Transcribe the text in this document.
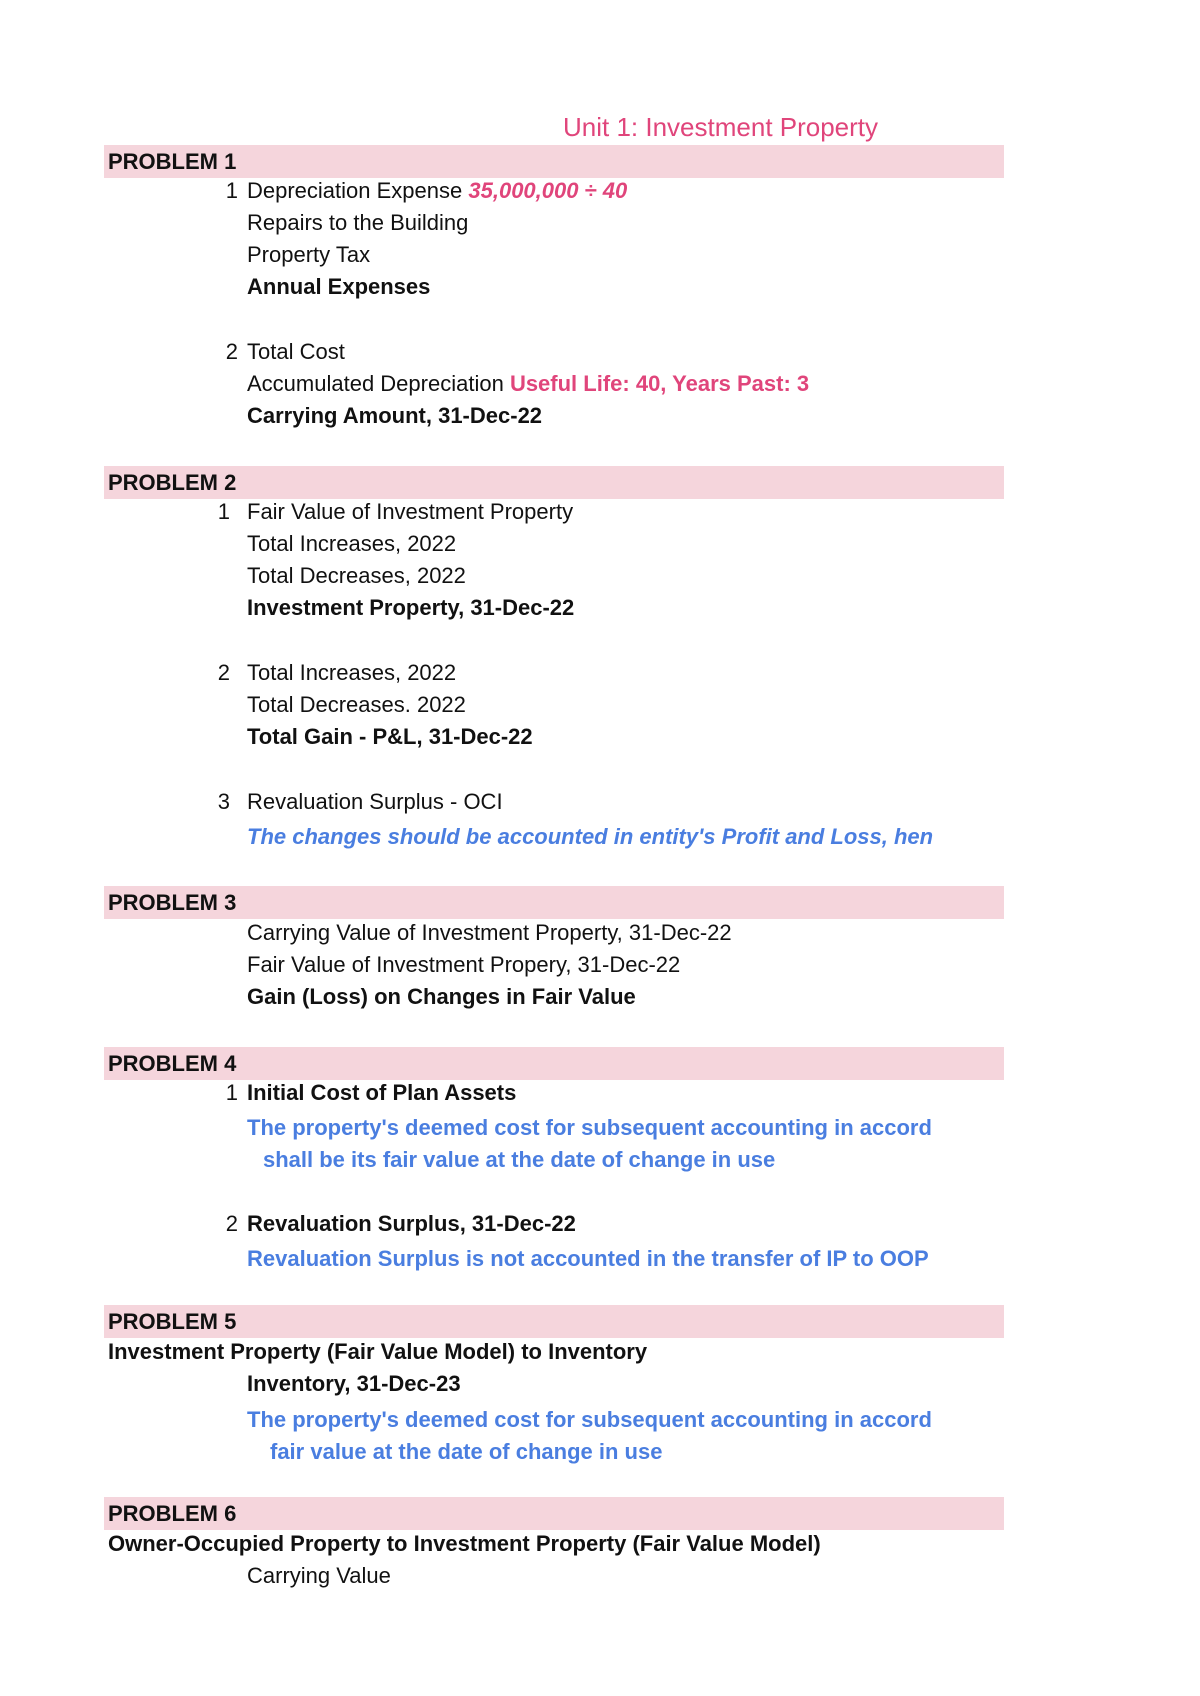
Unit 1: Investment Property
PROBLEM 1
1 Depreciation Expense 35,000,000 ÷ 40
Repairs to the Building
Property Tax
Annual Expenses
2 Total Cost
Accumulated Depreciation Useful Life: 40, Years Past: 3
Carrying Amount, 31-Dec-22
PROBLEM 2
1 Fair Value of Investment Property
Total Increases, 2022
Total Decreases, 2022
Investment Property, 31-Dec-22
2 Total Increases, 2022
Total Decreases. 2022
Total Gain - P&L, 31-Dec-22
3 Revaluation Surplus - OCI
The changes should be accounted in entity's Profit and Loss, hen
PROBLEM 3
Carrying Value of Investment Property, 31-Dec-22
Fair Value of Investment Propery, 31-Dec-22
Gain (Loss) on Changes in Fair Value
PROBLEM 4
1 Initial Cost of Plan Assets
The property's deemed cost for subsequent accounting in accord
shall be its fair value at the date of change in use
2 Revaluation Surplus, 31-Dec-22
Revaluation Surplus is not accounted in the transfer of IP to OOP
PROBLEM 5
Investment Property (Fair Value Model) to Inventory
Inventory, 31-Dec-23
The property's deemed cost for subsequent accounting in accord
fair value at the date of change in use
PROBLEM 6
Owner-Occupied Property to Investment Property (Fair Value Model)
Carrying Value
